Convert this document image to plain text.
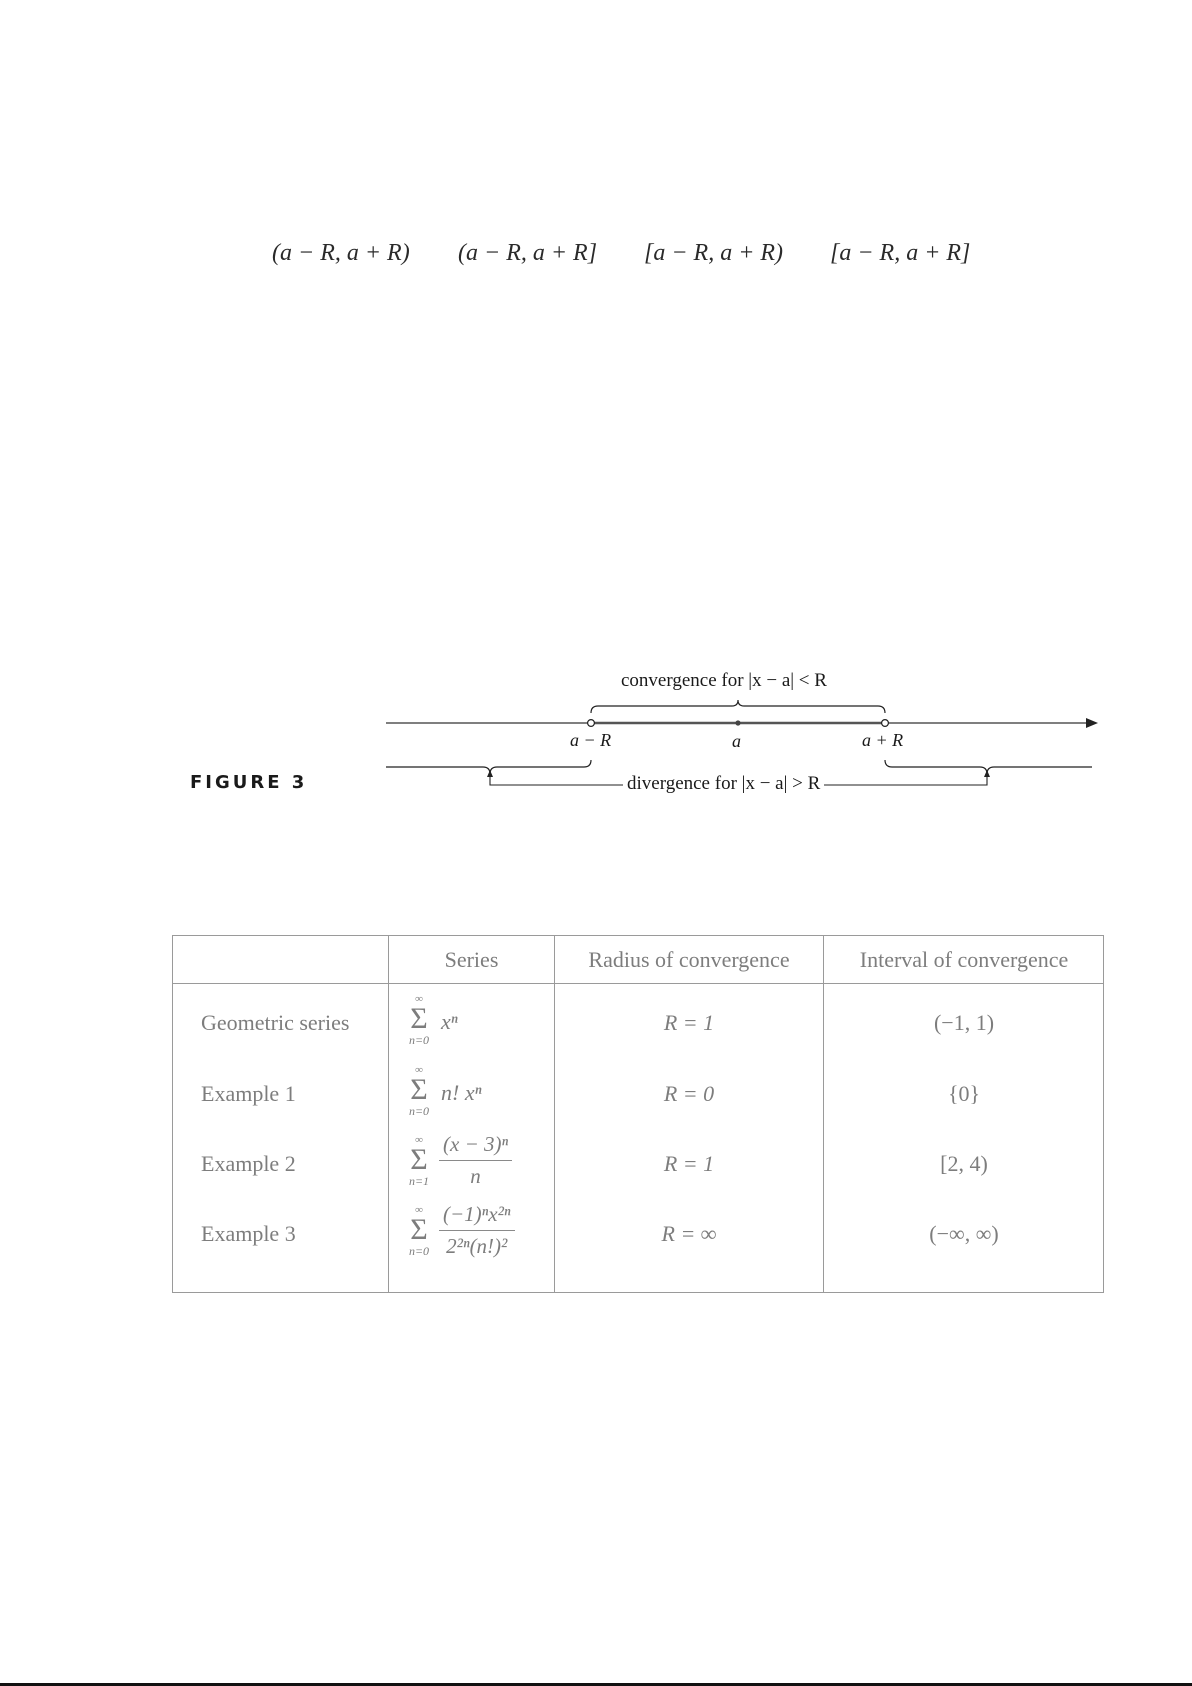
(a − R, a + R) (a − R, a + R] [a − R, a + R) [a − R, a + R]
convergence for |x − a| < R
a − R	a	a + R
divergence for |x − a| > R
FIGURE 3
Series	Radius of convergence	Interval of convergence
Geometric series
∞
Σ
n=0
xⁿ	R = 1	(−1, 1)
Example 1
∞
Σ
n=0
n! xⁿ	R = 0	{0}
Example 2
∞
Σ
$n=1 \frac{\text{(x − 3)ⁿ}}{n}$	R = 1	[2, 4)
Example 3
∞
Σ
$n=0 \frac{\text{(−1)ⁿx²ⁿ}}{\text{2²ⁿ(n!)²}}$	R = ∞	(−∞, ∞)
